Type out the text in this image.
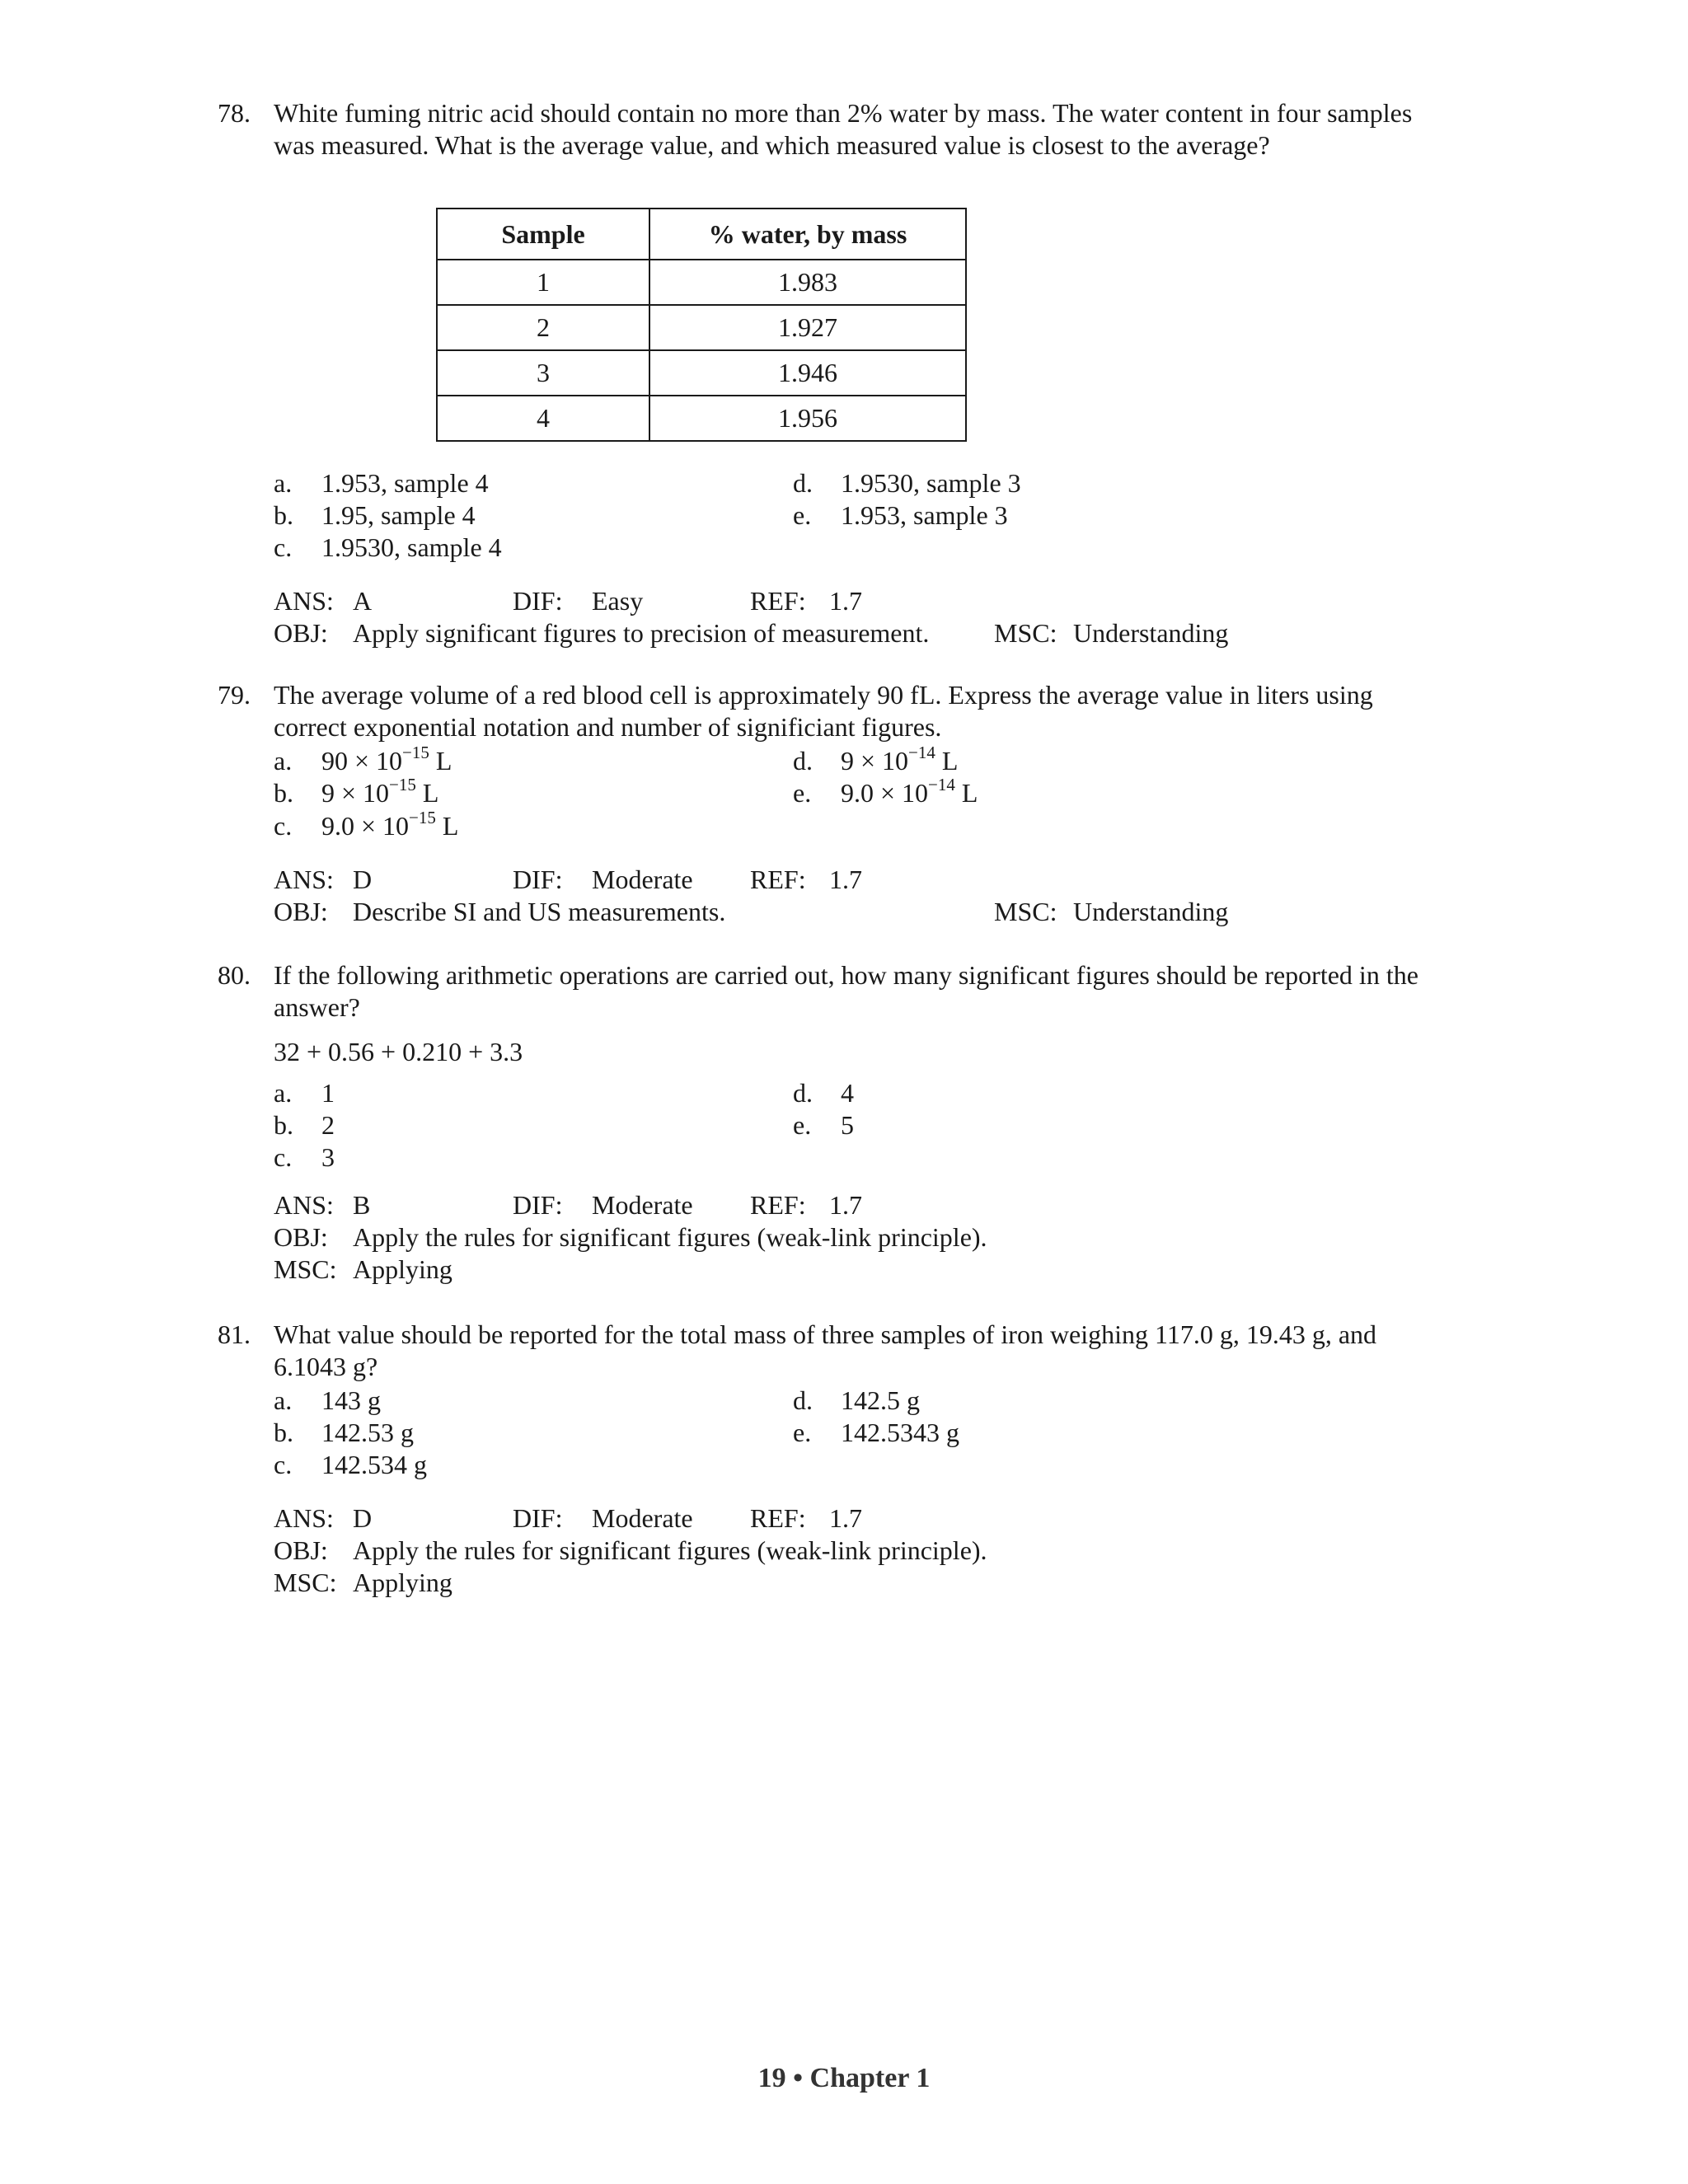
78. White fuming nitric acid should contain no more than 2% water by mass. The water content in four samples was measured. What is the average value, and which measured value is closest to the average?
Sample	% water, by mass
1	1.983
2	1.927
3	1.946
4	1.956
a. 1.953, sample 4
b. 1.95, sample 4
c. 1.9530, sample 4
d. 1.9530, sample 3
e. 1.953, sample 3
ANS: A	DIF: Easy	REF: 1.7
OBJ: Apply significant figures to precision of measurement. MSC: Understanding
79. The average volume of a red blood cell is approximately 90 fL. Express the average value in liters using correct exponential notation and number of significiant figures.
a. $90 \times 10^{-15}$ L
b. $9 \times 10^{-15}$ L
c. $9.0 \times 10^{-15}$ L
d. $9 \times 10^{-14}$ L
e. $9.0 \times 10^{-14}$ L
ANS: D	DIF: Moderate REF: 1.7
OBJ: Describe SI and US measurements.	MSC: Understanding
80. If the following arithmetic operations are carried out, how many significant figures should be reported in the answer?
32 + 0.56 + 0.210 + 3.3
a. 1
b. 2
c. 3
d. 4
e. 5
ANS: B	DIF: Moderate REF: 1.7
OBJ: Apply the rules for significant figures (weak-link principle).
MSC: Applying
81. What value should be reported for the total mass of three samples of iron weighing 117.0 g, 19.43 g, and 6.1043 g?
a. 143 g
b. 142.53 g
c. 142.534 g
d. 142.5 g
e. 142.5343 g
ANS: D	DIF: Moderate REF: 1.7
OBJ: Apply the rules for significant figures (weak-link principle).
MSC: Applying
19 • Chapter 1
